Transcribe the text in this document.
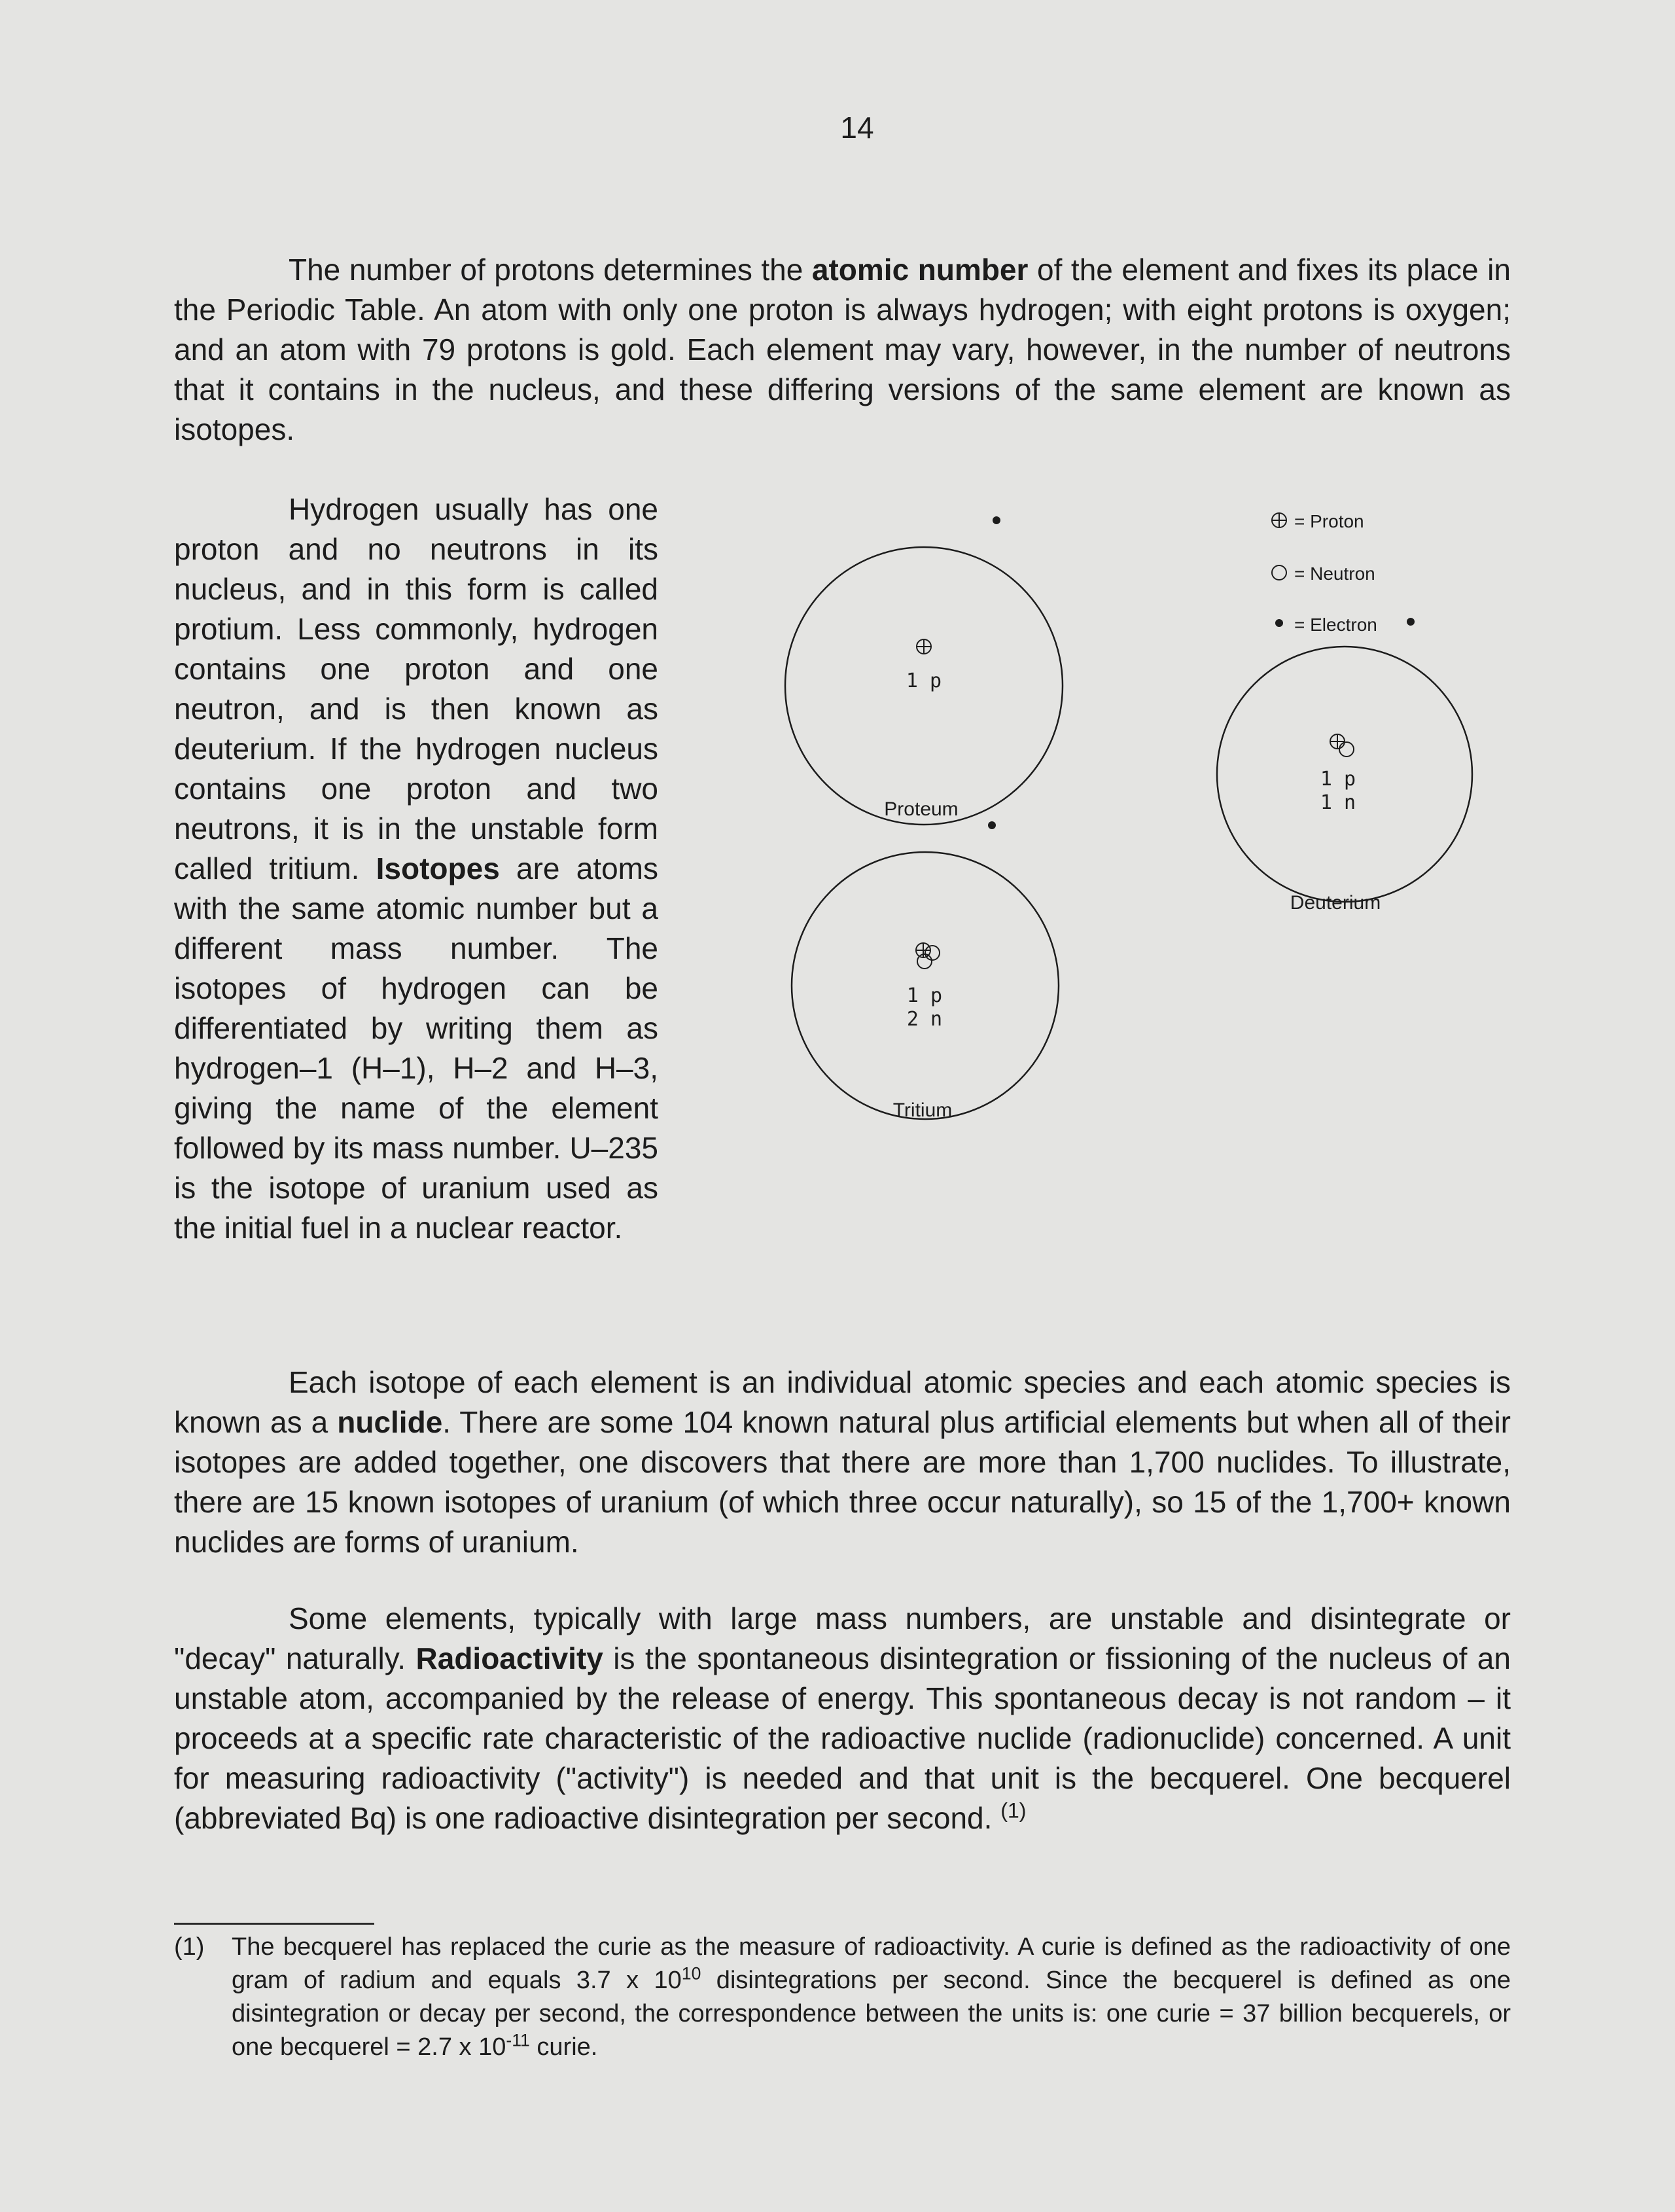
14

The number of protons determines the atomic number of the element and fixes its place in the Periodic Table. An atom with only one proton is always hydrogen; with eight protons is oxygen; and an atom with 79 protons is gold. Each element may vary, however, in the number of neutrons that it contains in the nucleus, and these differing versions of the same element are known as isotopes.

Hydrogen usually has one proton and no neutrons in its nucleus, and in this form is called protium. Less commonly, hydrogen contains one proton and one neutron, and is then known as deuterium. If the hydrogen nucleus contains one proton and two neutrons, it is in the unstable form called tritium. Isotopes are atoms with the same atomic number but a different mass number. The isotopes of hydrogen can be differentiated by writing them as hydrogen–1 (H–1), H–2 and H–3, giving the name of the element followed by its mass number. U–235 is the isotope of uranium used as the initial fuel in a nuclear reactor.

1 p
Proteum
= Proton
= Neutron
= Electron
1 p
1 n
Deuterium
1 p
2 n
Tritium

Each isotope of each element is an individual atomic species and each atomic species is known as a nuclide. There are some 104 known natural plus artificial elements but when all of their isotopes are added together, one discovers that there are more than 1,700 nuclides. To illustrate, there are 15 known isotopes of uranium (of which three occur naturally), so 15 of the 1,700+ known nuclides are forms of uranium.

Some elements, typically with large mass numbers, are unstable and disintegrate or "decay" naturally. Radioactivity is the spontaneous disintegration or fissioning of the nucleus of an unstable atom, accompanied by the release of energy. This spontaneous decay is not random – it proceeds at a specific rate characteristic of the radioactive nuclide (radionuclide) concerned. A unit for measuring radioactivity ("activity") is needed and that unit is the becquerel. One becquerel (abbreviated Bq) is one radioactive disintegration per second. $^{(1)}$

(1) The becquerel has replaced the curie as the measure of radioactivity. A curie is defined as the radioactivity of one gram of radium and equals 3.7 x $10^{10}$ disintegrations per second. Since the becquerel is defined as one disintegration or decay per second, the correspondence between the units is: one curie = 37 billion becquerels, or one becquerel = 2.7 x $10^{-11}$ curie.
